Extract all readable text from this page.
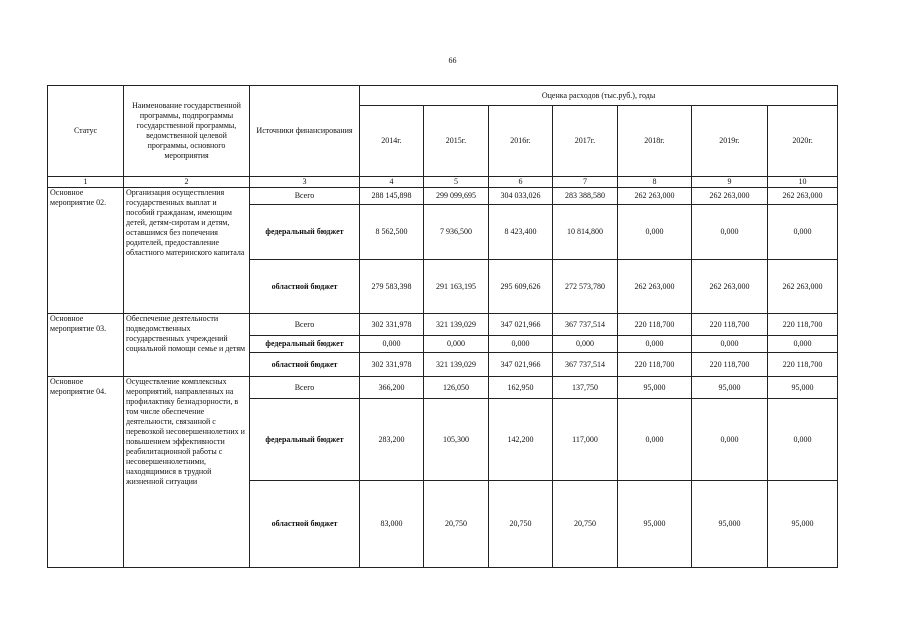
66
Статус	Наименование государственной программы, подпрограммы государственной программы, ведомственной целевой программы, основного мероприятия	Источники финансирования	Оценка расходов (тыс.руб.), годы						
			2014г.	2015г.	2016г.	2017г.	2018г.	2019г.	2020г.
1	2	3	4	5	6	7	8	9	10
Основное мероприятие 02.	Организация осуществления государственных выплат и пособий гражданам, имеющим детей, детям-сиротам и детям, оставшимся без попечения родителей, предоставление областного материнского капитала	Всего	288 145,898	299 099,695	304 033,026	283 388,580	262 263,000	262 263,000	262 263,000
		федеральный бюджет	8 562,500	7 936,500	8 423,400	10 814,800	0,000	0,000	0,000
		областной бюджет	279 583,398	291 163,195	295 609,626	272 573,780	262 263,000	262 263,000	262 263,000
Основное мероприятие 03.	Обеспечение деятельности подведомственных государственных учреждений социальной помощи семье и детям	Всего	302 331,978	321 139,029	347 021,966	367 737,514	220 118,700	220 118,700	220 118,700
		федеральный бюджет	0,000	0,000	0,000	0,000	0,000	0,000	0,000
		областной бюджет	302 331,978	321 139,029	347 021,966	367 737,514	220 118,700	220 118,700	220 118,700
Основное мероприятие 04.	Осуществление комплексных мероприятий, направленных на профилактику безнадзорности, в том числе обеспечение деятельности, связанной с перевозкой несовершеннолетних и повышением эффективности реабилитационной работы с несовершеннолетними, находящимися в трудной жизненной ситуации	Всего	366,200	126,050	162,950	137,750	95,000	95,000	95,000
		федеральный бюджет	283,200	105,300	142,200	117,000	0,000	0,000	0,000
		областной бюджет	83,000	20,750	20,750	20,750	95,000	95,000	95,000
